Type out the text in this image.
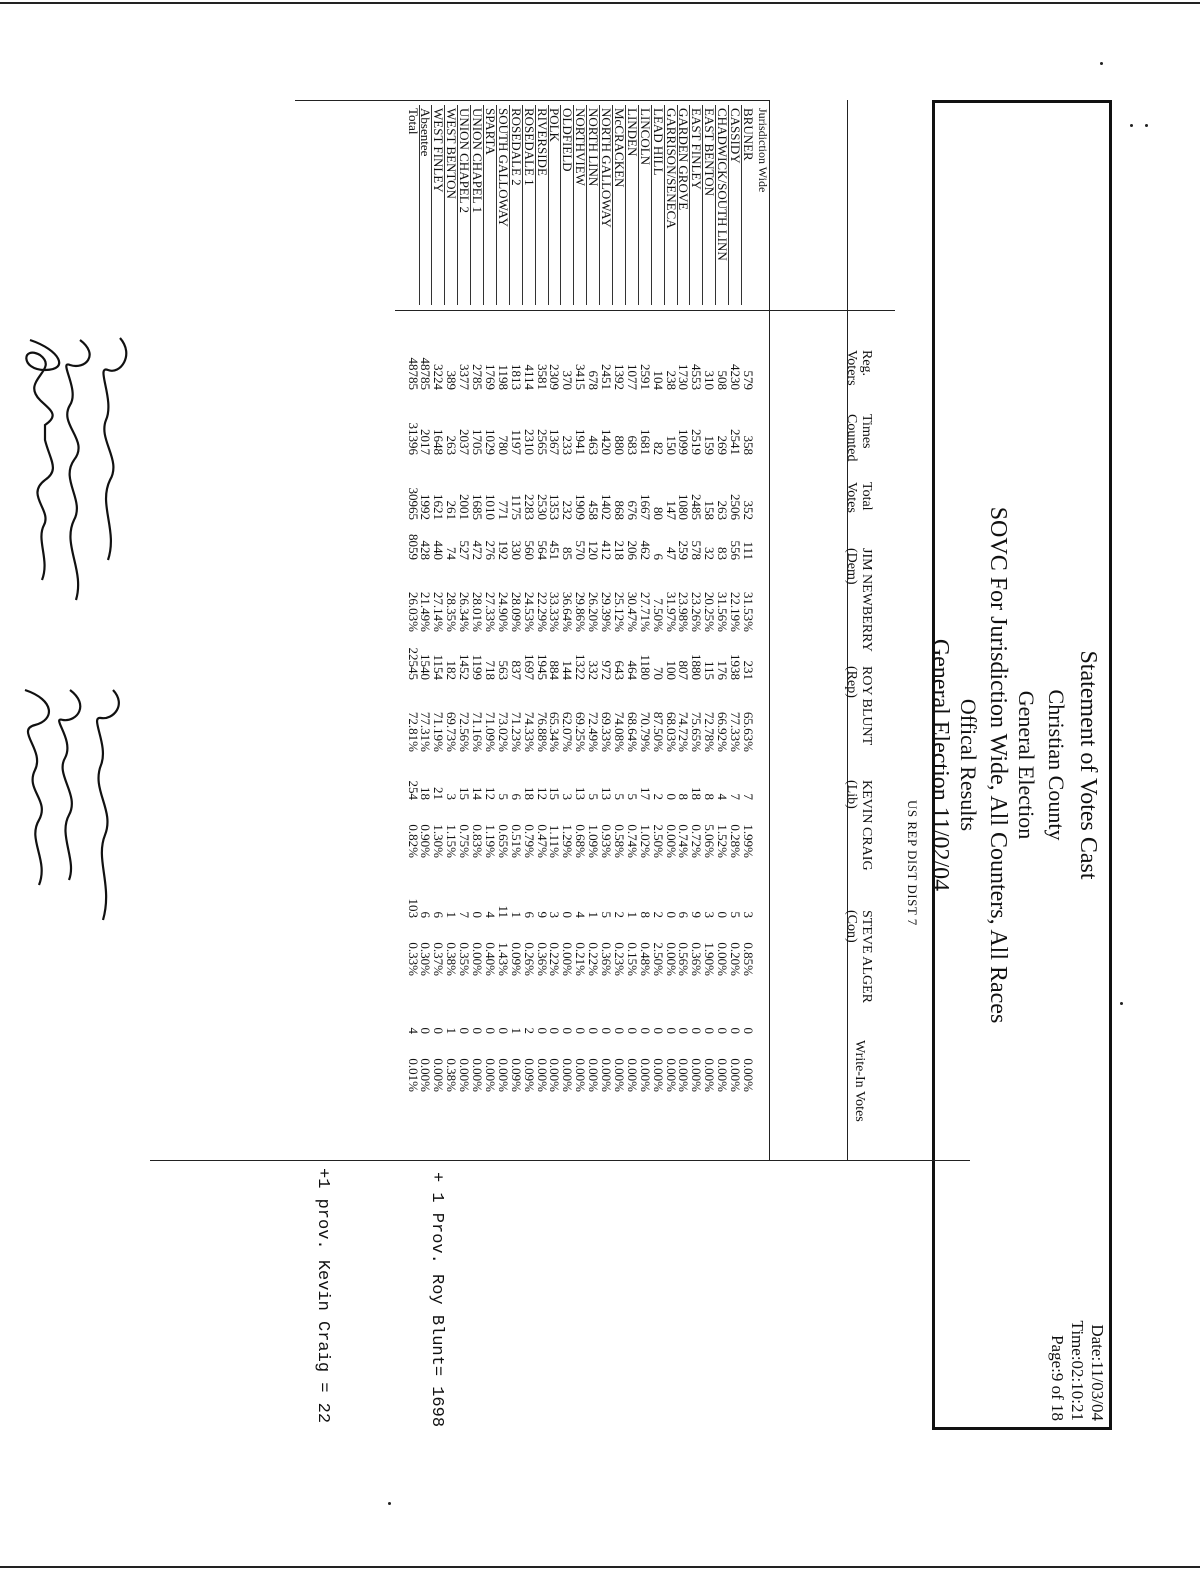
Statement of Votes Cast
Christian County
General Election
SOVC For Jurisdiction Wide, All Counters, All Races
Offical Results
General Election 11/02/04
Date:11/03/04
Time:02:10:21
Page:9 of 18
US REP DIST DIST 7
Reg.
Voters
Times
Counted
Total
Votes
JIM NEWBERRY
(Dem)
ROY BLUNT
(Rep)
KEVIN CRAIG
(Lib)
STEVE ALGER
(Con)
Write-In Votes
Jurisdiction Wide
BRUNER
579
358
352
111
31.53%
231
65.63%
7
1.99%
3
0.85%
0
0.00%
CASSIDY
4230
2541
2506
556
22.19%
1938
77.33%
7
0.28%
5
0.20%
0
0.00%
CHADWICK/SOUTH LINN
508
269
263
83
31.56%
176
66.92%
4
1.52%
0
0.00%
0
0.00%
EAST BENTON
310
159
158
32
20.25%
115
72.78%
8
5.06%
3
1.90%
0
0.00%
EAST FINLEY
4553
2519
2485
578
23.26%
1880
75.65%
18
0.72%
9
0.36%
0
0.00%
GARDEN GROVE
1730
1099
1080
259
23.98%
807
74.72%
8
0.74%
6
0.56%
0
0.00%
GARRISON/SENECA
238
150
147
47
31.97%
100
68.03%
0
0.00%
0
0.00%
0
0.00%
LEAD HILL
104
82
80
6
7.50%
70
87.50%
2
2.50%
2
2.50%
0
0.00%
LINCOLN
2591
1681
1667
462
27.71%
1180
70.79%
17
1.02%
8
0.48%
0
0.00%
LINDEN
1077
683
676
206
30.47%
464
68.64%
5
0.74%
1
0.15%
0
0.00%
McCRACKEN
1392
880
868
218
25.12%
643
74.08%
5
0.58%
2
0.23%
0
0.00%
NORTH GALLOWAY
2451
1420
1402
412
29.39%
972
69.33%
13
0.93%
5
0.36%
0
0.00%
NORTH LINN
678
463
458
120
26.20%
332
72.49%
5
1.09%
1
0.22%
0
0.00%
NORTHVIEW
3415
1941
1909
570
29.86%
1322
69.25%
13
0.68%
4
0.21%
0
0.00%
OLDFIELD
370
233
232
85
36.64%
144
62.07%
3
1.29%
0
0.00%
0
0.00%
POLK
2309
1367
1353
451
33.33%
884
65.34%
15
1.11%
3
0.22%
0
0.00%
RIVERSIDE
3581
2565
2530
564
22.29%
1945
76.88%
12
0.47%
9
0.36%
0
0.00%
ROSEDALE 1
4114
2310
2283
560
24.53%
1697
74.33%
18
0.79%
6
0.26%
2
0.09%
ROSEDALE 2
1813
1197
1175
330
28.09%
837
71.23%
6
0.51%
1
0.09%
1
0.09%
SOUTH GALLOWAY
1198
780
771
192
24.90%
563
73.02%
5
0.65%
11
1.43%
0
0.00%
SPARTA
1769
1029
1010
276
27.33%
718
71.09%
12
1.19%
4
0.40%
0
0.00%
UNION CHAPEL 1
2785
1705
1685
472
28.01%
1199
71.16%
14
0.83%
0
0.00%
0
0.00%
UNION CHAPEL 2
3377
2037
2001
527
26.34%
1452
72.56%
15
0.75%
7
0.35%
0
0.00%
WEST BENTON
389
263
261
74
28.35%
182
69.73%
3
1.15%
1
0.38%
1
0.38%
WEST FINLEY
3224
1648
1621
440
27.14%
1154
71.19%
21
1.30%
6
0.37%
0
0.00%
Absentee
48785
2017
1992
428
21.49%
1540
77.31%
18
0.90%
6
0.30%
0
0.00%
Total
48785
31396
30965
8059
26.03%
22545
72.81%
254
0.82%
103
0.33%
4
0.01%
+ 1 Prov. Roy Blunt= 1698
+1 prov. Kevin Craig = 22
